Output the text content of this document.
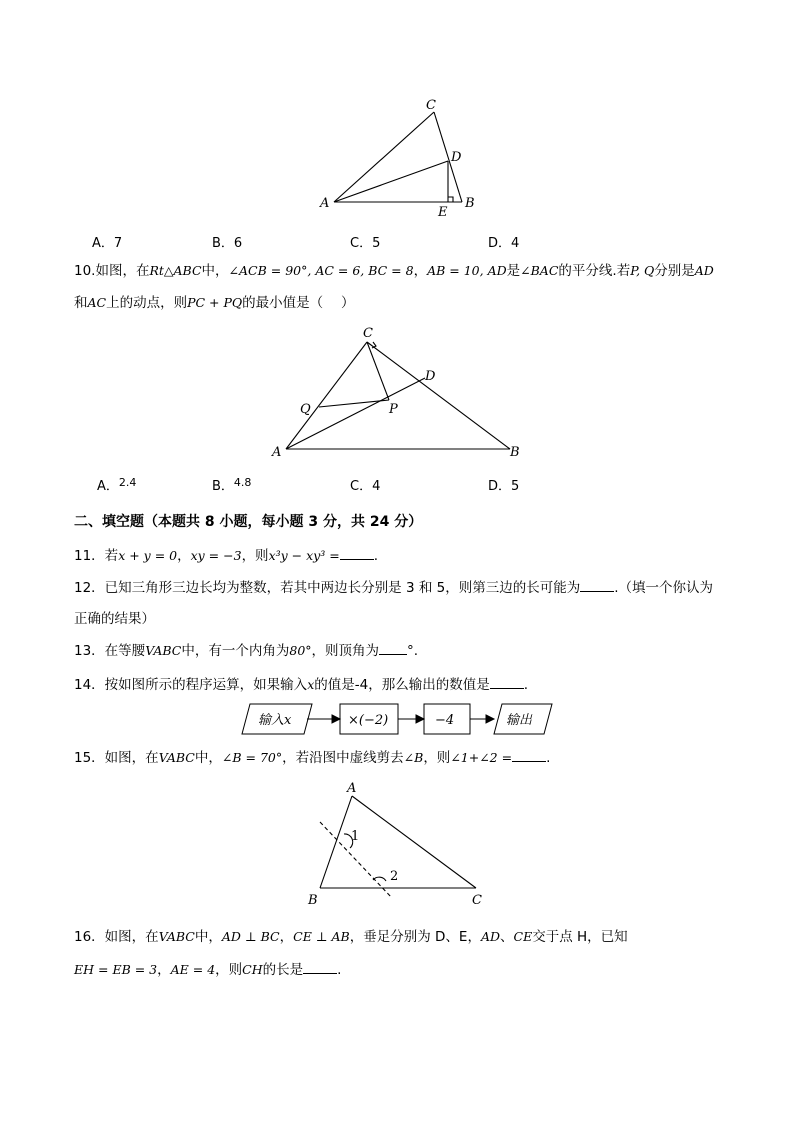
C
D
A
E
B
A．7	B．6	C．5	D．4
10.如图，在Rt△ABC中，∠ACB = 90°, AC = 6, BC = 8，AB = 10, AD是∠BAC的平分线.若P, Q分别是AD
和AC上的动点，则PC + PQ的最小值是（　 ）
C
D
Q	P
A	B
A．$^{2.4}$	B．$^{4.8}$	C．4	D．5
二、填空题（本题共 8 小题，每小题 3 分，共 24 分）
11．若x + y = 0，xy = −3，则x³y − xy³ =	.
12．已知三角形三边长均为整数，若其中两边长分别是 3 和 5，则第三边的长可能为	.（填一个你认为
正确的结果）
13．在等腰VABC中，有一个内角为80°，则顶角为 °.
14．按如图所示的程序运算，如果输入x的值是-4，那么输出的数值是	.
输入x	×(−2)	−4	输出
15．如图，在VABC中，∠B = 70°，若沿图中虚线剪去∠B，则∠1+∠2 =	.
A
B	C
1
2
16．如图，在VABC中，AD ⊥ BC，CE ⊥ AB，垂足分别为 D、E，AD、CE交于点 H，已知
EH = EB = 3，AE = 4，则CH的长是	.
